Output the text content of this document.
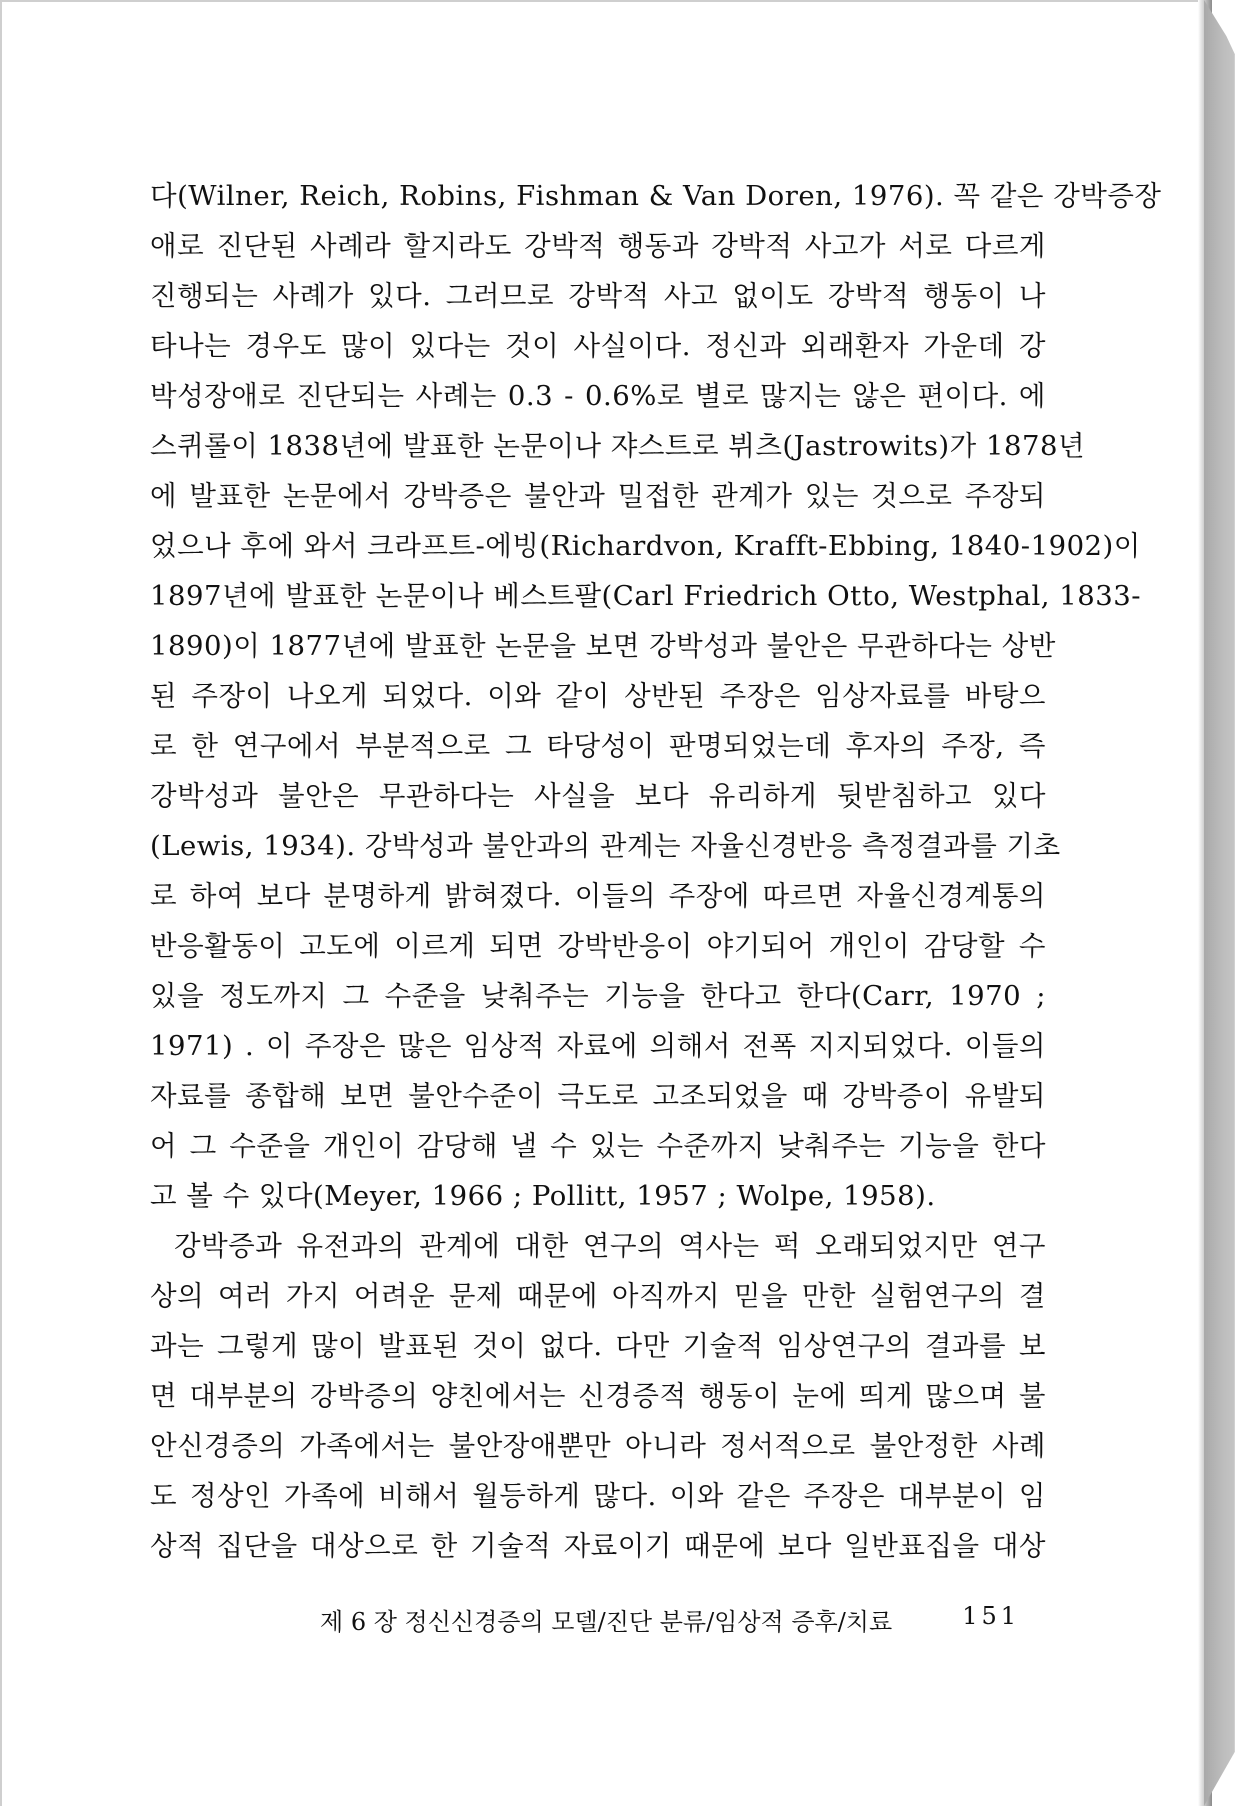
다(Wilner, Reich, Robins, Fishman & Van Doren, 1976). 꼭 같은 강박증장
애로 진단된 사례라 할지라도 강박적 행동과 강박적 사고가 서로 다르게
진행되는 사례가 있다. 그러므로 강박적 사고 없이도 강박적 행동이 나
타나는 경우도 많이 있다는 것이 사실이다. 정신과 외래환자 가운데 강
박성장애로 진단되는 사례는 0.3 - 0.6%로 별로 많지는 않은 편이다. 에
스퀴롤이 1838년에 발표한 논문이나 쟈스트로 뷔츠(Jastrowits)가 1878년
에 발표한 논문에서 강박증은 불안과 밀접한 관계가 있는 것으로 주장되
었으나 후에 와서 크라프트-에빙(Richardvon, Krafft-Ebbing, 1840-1902)이
1897년에 발표한 논문이나 베스트팔(Carl Friedrich Otto, Westphal, 1833-
1890)이 1877년에 발표한 논문을 보면 강박성과 불안은 무관하다는 상반
된 주장이 나오게 되었다. 이와 같이 상반된 주장은 임상자료를 바탕으
로 한 연구에서 부분적으로 그 타당성이 판명되었는데 후자의 주장, 즉
강박성과 불안은 무관하다는 사실을 보다 유리하게 뒷받침하고 있다
(Lewis, 1934). 강박성과 불안과의 관계는 자율신경반응 측정결과를 기초
로 하여 보다 분명하게 밝혀졌다. 이들의 주장에 따르면 자율신경계통의
반응활동이 고도에 이르게 되면 강박반응이 야기되어 개인이 감당할 수
있을 정도까지 그 수준을 낮춰주는 기능을 한다고 한다(Carr, 1970 ;
1971) . 이 주장은 많은 임상적 자료에 의해서 전폭 지지되었다. 이들의
자료를 종합해 보면 불안수준이 극도로 고조되었을 때 강박증이 유발되
어 그 수준을 개인이 감당해 낼 수 있는 수준까지 낮춰주는 기능을 한다
고 볼 수 있다(Meyer, 1966 ; Pollitt, 1957 ; Wolpe, 1958).
강박증과 유전과의 관계에 대한 연구의 역사는 퍽 오래되었지만 연구
상의 여러 가지 어려운 문제 때문에 아직까지 믿을 만한 실험연구의 결
과는 그렇게 많이 발표된 것이 없다. 다만 기술적 임상연구의 결과를 보
면 대부분의 강박증의 양친에서는 신경증적 행동이 눈에 띄게 많으며 불
안신경증의 가족에서는 불안장애뿐만 아니라 정서적으로 불안정한 사례
도 정상인 가족에 비해서 월등하게 많다. 이와 같은 주장은 대부분이 임
상적 집단을 대상으로 한 기술적 자료이기 때문에 보다 일반표집을 대상
제 6 장 정신신경증의 모델/진단 분류/임상적 증후/치료	151
